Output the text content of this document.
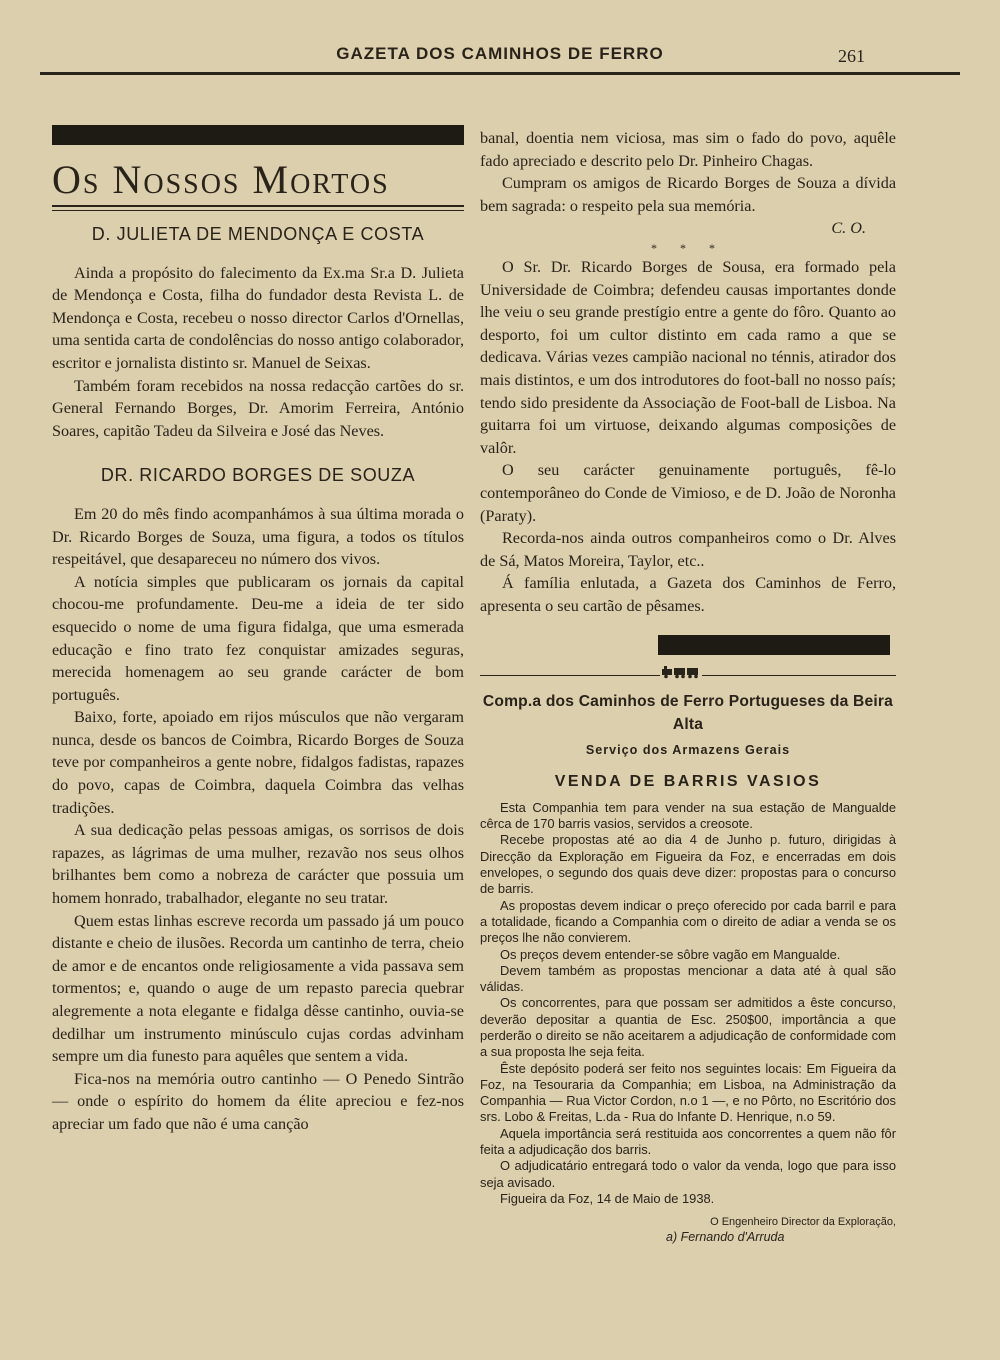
GAZETA DOS CAMINHOS DE FERRO	261
Os Nossos Mortos
D. JULIETA DE MENDONÇA E COSTA

Ainda a propósito do falecimento da Ex.ma Sr.a D. Julieta de Mendonça e Costa, filha do fundador desta Revista L. de Mendonça e Costa, recebeu o nosso director Carlos d'Ornellas, uma sentida carta de condolências do nosso antigo colaborador, escritor e jornalista distinto sr. Manuel de Seixas.

Também foram recebidos na nossa redacção cartões do sr. General Fernando Borges, Dr. Amorim Ferreira, António Soares, capitão Tadeu da Silveira e José das Neves.

DR. RICARDO BORGES DE SOUZA

Em 20 do mês findo acompanhámos à sua última morada o Dr. Ricardo Borges de Souza, uma figura, a todos os títulos respeitável, que desapareceu no número dos vivos.

A notícia simples que publicaram os jornais da capital chocou-me profundamente. Deu-me a ideia de ter sido esquecido o nome de uma figura fidalga, que uma esmerada educação e fino trato fez conquistar amizades seguras, merecida homenagem ao seu grande carácter de bom português.

Baixo, forte, apoiado em rijos músculos que não vergaram nunca, desde os bancos de Coimbra, Ricardo Borges de Souza teve por companheiros a gente nobre, fidalgos fadistas, rapazes do povo, capas de Coimbra, daquela Coimbra das velhas tradições.

A sua dedicação pelas pessoas amigas, os sorrisos de dois rapazes, as lágrimas de uma mulher, rezavão nos seus olhos brilhantes bem como a nobreza de carácter que possuia um homem honrado, trabalhador, elegante no seu tratar.

Quem estas linhas escreve recorda um passado já um pouco distante e cheio de ilusões. Recorda um cantinho de terra, cheio de amor e de encantos onde religiosamente a vida passava sem tormentos; e, quando o auge de um repasto parecia quebrar alegremente a nota elegante e fidalga dêsse cantinho, ouvia-se dedilhar um instrumento minúsculo cujas cordas advinham sempre um dia funesto para aquêles que sentem a vida.

Fica-nos na memória outro cantinho — O Penedo Sintrão — onde o espírito do homem da élite apreciou e fez-nos apreciar um fado que não é uma canção

banal, doentia nem viciosa, mas sim o fado do povo, aquêle fado apreciado e descrito pelo Dr. Pinheiro Chagas.

Cumpram os amigos de Ricardo Borges de Souza a dívida bem sagrada: o respeito pela sua memória.

C. O.

* * *

O Sr. Dr. Ricardo Borges de Sousa, era formado pela Universidade de Coimbra; defendeu causas importantes donde lhe veiu o seu grande prestígio entre a gente do fôro. Quanto ao desporto, foi um cultor distinto em cada ramo a que se dedicava. Várias vezes campião nacional no ténnis, atirador dos mais distintos, e um dos introdutores do foot-ball no nosso país; tendo sido presidente da Associação de Foot-ball de Lisboa. Na guitarra foi um virtuose, deixando algumas composições de valôr.

O seu carácter genuinamente português, fê-lo contemporâneo do Conde de Vimioso, e de D. João de Noronha (Paraty).

Recorda-nos ainda outros companheiros como o Dr. Alves de Sá, Matos Moreira, Taylor, etc..

Á família enlutada, a Gazeta dos Caminhos de Ferro, apresenta o seu cartão de pêsames.

Comp.a dos Caminhos de Ferro Portugueses da Beira Alta
Serviço dos Armazens Gerais
VENDA DE BARRIS VASIOS

Esta Companhia tem para vender na sua estação de Mangualde cêrca de 170 barris vasios, servidos a creosote.

Recebe propostas até ao dia 4 de Junho p. futuro, dirigidas à Direcção da Exploração em Figueira da Foz, e encerradas em dois envelopes, o segundo dos quais deve dizer: propostas para o concurso de barris.

As propostas devem indicar o preço oferecido por cada barril e para a totalidade, ficando a Companhia com o direito de adiar a venda se os preços lhe não convierem.

Os preços devem entender-se sôbre vagão em Mangualde.

Devem também as propostas mencionar a data até à qual são válidas.

Os concorrentes, para que possam ser admitidos a êste concurso, deverão depositar a quantia de Esc. 250$00, importância a que perderão o direito se não aceitarem a adjudicação de conformidade com a sua proposta lhe seja feita.

Êste depósito poderá ser feito nos seguintes locais: Em Figueira da Foz, na Tesouraria da Companhia; em Lisboa, na Administração da Companhia — Rua Victor Cordon, n.o 1 —, e no Pôrto, no Escritório dos srs. Lobo & Freitas, L.da - Rua do Infante D. Henrique, n.o 59.

Aquela importância será restituida aos concorrentes a quem não fôr feita a adjudicação dos barris.

O adjudicatário entregará todo o valor da venda, logo que para isso seja avisado.

Figueira da Foz, 14 de Maio de 1938.

O Engenheiro Director da Exploração,

a) Fernando d'Arruda
